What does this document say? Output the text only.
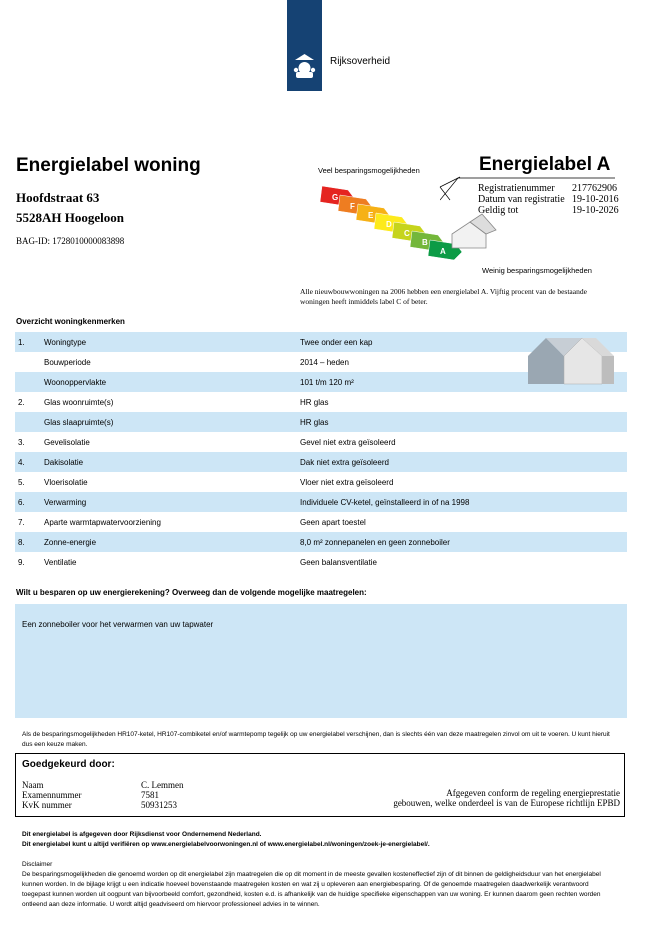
Rijksoverheid
Energielabel woning
Hoofdstraat 63
5528AH Hoogeloon
BAG-ID: 1728010000083898
G
F
E
D
C
B
A
Veel besparingsmogelijkheden
Weinig besparingsmogelijkheden
Energielabel A
Registratienummer 217762906
Datum van registratie 19-10-2016
Geldig tot	19-10-2026
Alle nieuwbouwwoningen na 2006 hebben een energielabel A. Vijftig procent van de bestaande woningen heeft inmiddels label C of beter.
Overzicht woningkenmerken
1. Woningtype	Twee onder een kap
Bouwperiode	2014 – heden
Woonoppervlakte	101 t/m 120 m²
2. Glas woonruimte(s)	HR glas
Glas slaapruimte(s)	HR glas
3. Gevelisolatie	Gevel niet extra geïsoleerd
4. Dakisolatie	Dak niet extra geïsoleerd
5. Vloerisolatie	Vloer niet extra geïsoleerd
6. Verwarming	Individuele CV-ketel, geïnstalleerd in of na 1998
7. Aparte warmtapwatervoorziening	Geen apart toestel
8. Zonne-energie	8,0 m² zonnepanelen en geen zonneboiler
9. Ventilatie	Geen balansventilatie
Wilt u besparen op uw energierekening? Overweeg dan de volgende mogelijke maatregelen:
Een zonneboiler voor het verwarmen van uw tapwater
Als de besparingsmogelijkheden HR107-ketel, HR107-combiketel en/of warmtepomp tegelijk op uw energielabel verschijnen, dan is slechts één van deze maatregelen zinvol om uit te voeren. U kunt hieruit dus een keuze maken.
Goedgekeurd door:
Naam	C. Lemmen
Examennummer	7581
KvK nummer	50931253
Afgegeven conform de regeling energieprestatie
gebouwen, welke onderdeel is van de Europese richtlijn EPBD
Dit energielabel is afgegeven door Rijksdienst voor Ondernemend Nederland.
Dit energielabel kunt u altijd verifiëren op www.energielabelvoorwoningen.nl of www.energielabel.nl/woningen/zoek-je-energielabel/.
Disclaimer
De besparingsmogelijkheden die genoemd worden op dit energielabel zijn maatregelen die op dit moment in de meeste gevallen kosteneffectief zijn of dit binnen de geldigheidsduur van het energielabel kunnen worden. In de bijlage krijgt u een indicatie hoeveel bovenstaande maatregelen kosten en wat zij u opleveren aan energiebesparing. Of de genoemde maatregelen daadwerkelijk verantwoord toegepast kunnen worden uit oogpunt van bijvoorbeeld comfort, gezondheid, kosten e.d. is afhankelijk van de huidige specifieke eigenschappen van uw woning. Er kunnen daarom geen rechten worden ontleend aan deze informatie. U wordt altijd geadviseerd om hiervoor professioneel advies in te winnen.
